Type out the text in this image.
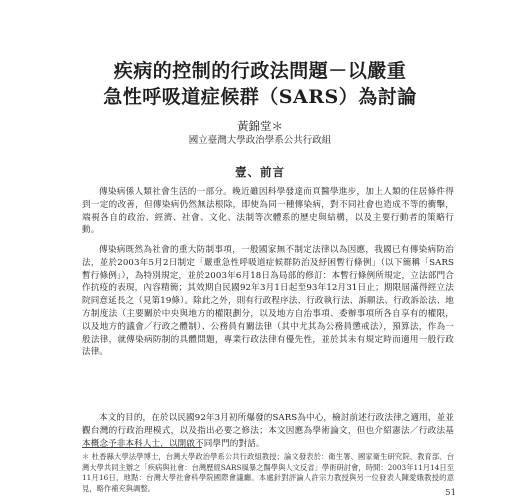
疾病的控制的行政法問題－以嚴重
急性呼吸道症候群（SARS）為討論
黃錦堂＊
國立臺灣大學政治學系公共行政組
壹、前言

傳染病係人類社會生活的一部分。晚近雖因科學發達而頁醫學進步，加上人類的住居條件得到一定的改善，但傳染病仍然無法根除，即使為同一種傳染病，對不同社會也造成不等的衝擊，端視各自的政治、經濟、社會、文化、法制等次體系的歷史與結構，以及主要行動者的策略行動。

傳染病既然為社會的重大防制事項，一般國家無不制定法律以為因應，我國已有傳染病防治法，並於2003年5月2日制定「嚴重急性呼吸道症候群防治及紓困暫行條例」（以下簡稱「SARS暫行條例」），為特別規定，並於2003年6月18日為局部的修訂：本暫行條例所規定，立法部門合作抗疫的表現，內容精簡；其效期自民國92年3月1日起至93年12月31日止；期限屆滿得經立法院同意延長之（見第19條）。除此之外，則有行政程序法、行政執行法、訴願法、行政訴訟法、地方制度法（主要關於中央與地方的權限劃分，以及地方自治事項、委辦事項所各自享有的權限，以及地方的議會／行政之體制）、公務員有關法律（其中尤其為公務員懲戒法），預算法，作為一般法律，就傳染病防制的具體問題，專業行政法律有優先性，並於其未有規定時而適用一般行政法律。

本文的目的，在於以民國92年3月初所爆發的SARS為中心，檢討前述行政法律之適用，並並觀台灣的行政治理模式，以及指出必要之修法；本文因應為學術論文，但也介紹憲法／行政法基本概念予非本科人士，以開啟不同學門的對話。

＊ 杜香縣大學法學博士，台灣大學政治學系公共行政組教授；論文發表於：衛生署、國家衛生研究院、教育部、台灣大學共同主辦之「疾病與社會：台灣歷經SARS風暴之醫學與人文反省」學術研討會，時間：2003年11月14日至11月16日，地點：台灣大學社會科學院國際會議廳。本處針對評論人許宗力教授與另一位發表人陳愛娥教授的意見，略作補充與調整。	51
